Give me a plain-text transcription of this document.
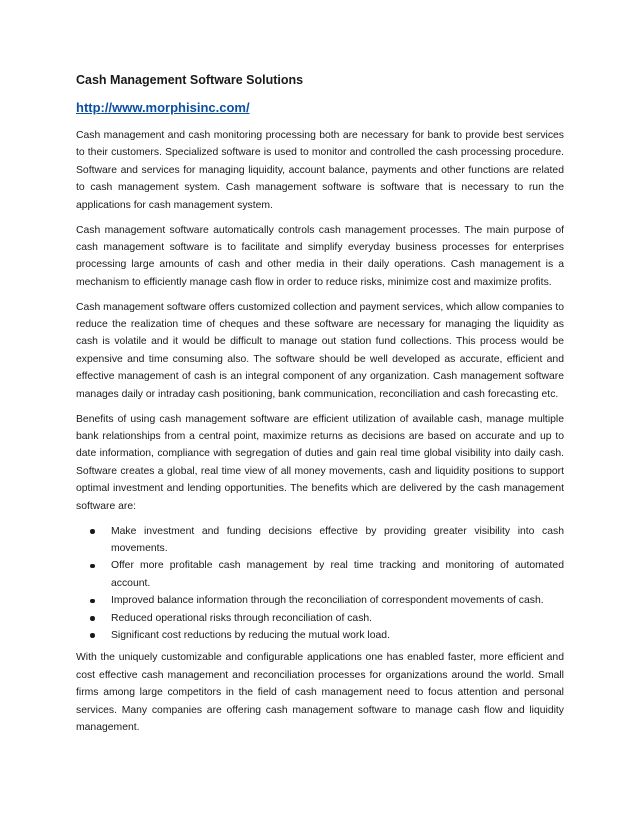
Cash Management Software Solutions
http://www.morphisinc.com/

Cash management and cash monitoring processing both are necessary for bank to provide best services to their customers. Specialized software is used to monitor and controlled the cash processing procedure. Software and services for managing liquidity, account balance, payments and other functions are related to cash management system. Cash management software is software that is necessary to run the applications for cash management system.

Cash management software automatically controls cash management processes. The main purpose of cash management software is to facilitate and simplify everyday business processes for enterprises processing large amounts of cash and other media in their daily operations. Cash management is a mechanism to efficiently manage cash flow in order to reduce risks, minimize cost and maximize profits.

Cash management software offers customized collection and payment services, which allow companies to reduce the realization time of cheques and these software are necessary for managing the liquidity as cash is volatile and it would be difficult to manage out station fund collections. This process would be expensive and time consuming also. The software should be well developed as accurate, efficient and effective management of cash is an integral component of any organization. Cash management software manages daily or intraday cash positioning, bank communication, reconciliation and cash forecasting etc.

Benefits of using cash management software are efficient utilization of available cash, manage multiple bank relationships from a central point, maximize returns as decisions are based on accurate and up to date information, compliance with segregation of duties and gain real time global visibility into daily cash. Software creates a global, real time view of all money movements, cash and liquidity positions to support optimal investment and lending opportunities. The benefits which are delivered by the cash management software are:

Make investment and funding decisions effective by providing greater visibility into cash movements.
Offer more profitable cash management by real time tracking and monitoring of automated account.
Improved balance information through the reconciliation of correspondent movements of cash.
Reduced operational risks through reconciliation of cash.
Significant cost reductions by reducing the mutual work load.

With the uniquely customizable and configurable applications one has enabled faster, more efficient and cost effective cash management and reconciliation processes for organizations around the world. Small firms among large competitors in the field of cash management need to focus attention and personal services. Many companies are offering cash management software to manage cash flow and liquidity management.
